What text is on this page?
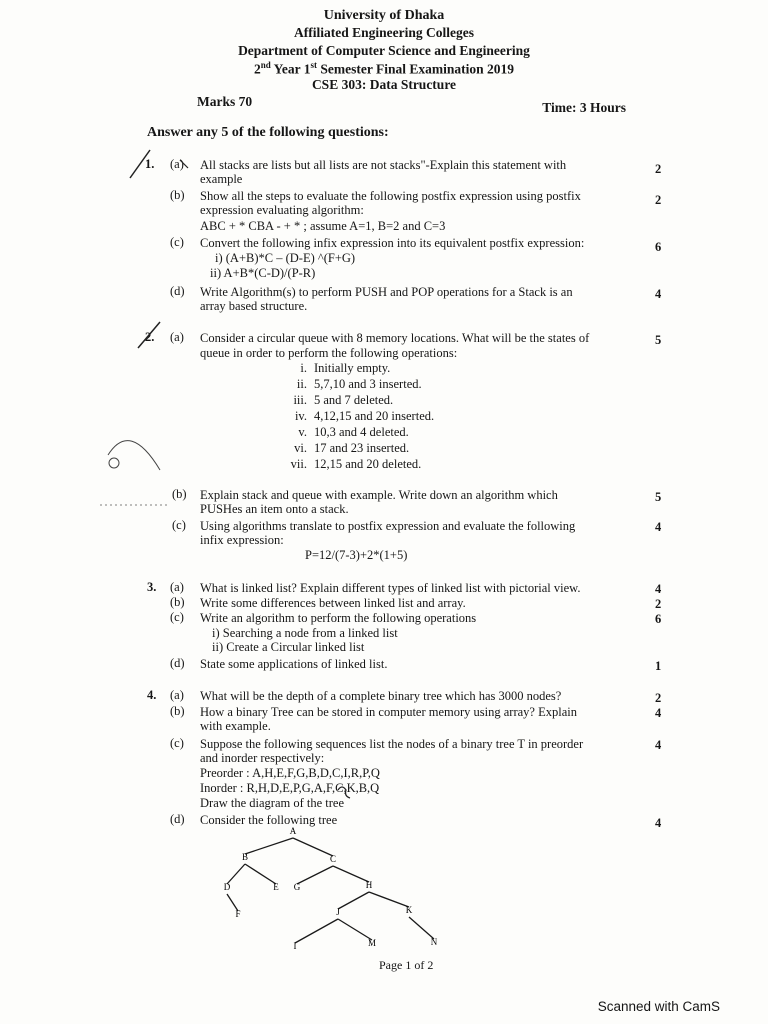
University of Dhaka
Affiliated Engineering Colleges
Department of Computer Science and Engineering
2nd Year 1st Semester Final Examination 2019
CSE 303: Data Structure
Marks 70	Time: 3 Hours
Answer any 5 of the following questions:
1. (a) All stacks are lists but all lists are not stacks"-Explain this statement with
example
2
(b) Show all the steps to evaluate the following postfix expression using postfix
expression evaluating algorithm:
ABC + * CBA - + * ; assume A=1, B=2 and C=3
2
(c) Convert the following infix expression into its equivalent postfix expression:
i) (A+B)*C – (D-E) ^(F+G)
ii) A+B*(C-D)/(P-R)
6
(d) Write Algorithm(s) to perform PUSH and POP operations for a Stack is an
array based structure.
4
2. (a) Consider a circular queue with 8 memory locations. What will be the states of
queue in order to perform the following operations:
5
i. Initially empty.
ii. 5,7,10 and 3 inserted.
iii. 5 and 7 deleted.
iv. 4,12,15 and 20 inserted.
v. 10,3 and 4 deleted.
vi. 17 and 23 inserted.
vii. 12,15 and 20 deleted.
(b) Explain stack and queue with example. Write down an algorithm which
PUSHes an item onto a stack.
5
(c) Using algorithms translate to postfix expression and evaluate the following
infix expression:
P=12/(7-3)+2*(1+5)
4
3. (a) What is linked list? Explain different types of linked list with pictorial view.	4
(b) Write some differences between linked list and array.	2
(c) Write an algorithm to perform the following operations
i) Searching a node from a linked list
ii) Create a Circular linked list
6
(d) State some applications of linked list.	1
4. (a) What will be the depth of a complete binary tree which has 3000 nodes?	2
(b) How a binary Tree can be stored in computer memory using array? Explain
with example.
4
(c) Suppose the following sequences list the nodes of a binary tree T in preorder
and inorder respectively:
Preorder : A,H,E,F,G,B,D,C,I,R,P,Q
Inorder : R,H,D,E,P,G,A,F,C,K,B,Q
Draw the diagram of the tree
4
(d) Consider the following tree	4
A
B	C
D	E G	H
F	J	K
I	M	N
Page 1 of 2
Scanned with CamS
